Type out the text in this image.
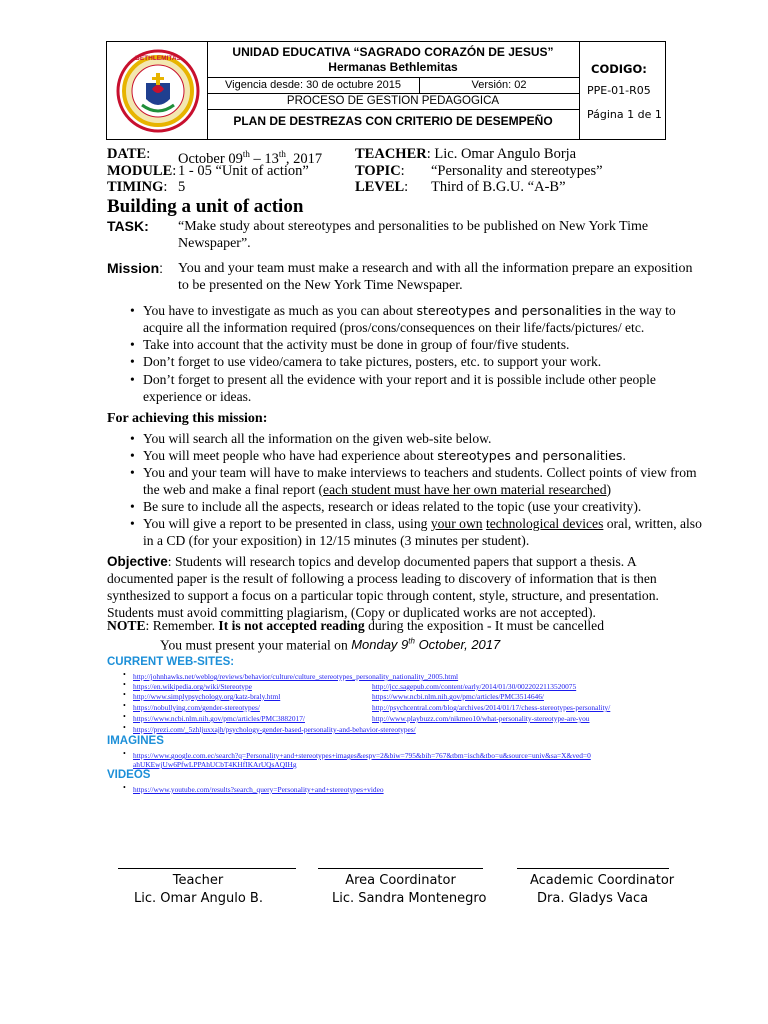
BETHLEMITAS	UNIDAD EDUCATIVA “SAGRADO CORAZÓN DE JESUS”
Hermanas Bethlemitas
Vigencia desde: 30 de octubre 2015	Versión: 02
PROCESO DE GESTION PEDAGOGICA
PLAN DE DESTREZAS CON CRITERIO DE DESEMPEÑO
CODIGO:
PPE-01-R05
Página 1 de 1
DATE: October 09th – 13th, 2017 TEACHER: Lic. Omar Angulo Borja
MODULE: 1 - 05 “Unit of action”	TOPIC: “Personality and stereotypes”
TIMING: 5	LEVEL: Third of B.G.U. “A-B”
Building a unit of action
TASK: “Make study about stereotypes and personalities to be published on New York Time
Newspaper”.
Mission: You and your team must make a research and with all the information prepare an exposition
to be presented on the New York Time Newspaper.
• You have to investigate as much as you can about stereotypes and personalities in the way to
acquire all the information required (pros/cons/consequences on their life/facts/pictures/ etc.
• Take into account that the activity must be done in group of four/five students.
• Don’t forget to use video/camera to take pictures, posters, etc. to support your work.
• Don’t forget to present all the evidence with your report and it is possible include other people
experience or ideas.
For achieving this mission:
• You will search all the information on the given web-site below.
• You will meet people who have had experience about stereotypes and personalities.
• You and your team will have to make interviews to teachers and students. Collect points of view from
the web and make a final report (each student must have her own material researched)
• Be sure to include all the aspects, research or ideas related to the topic (use your creativity).
• You will give a report to be presented in class, using your own technological devices oral, written, also
in a CD (for your exposition) in 12/15 minutes (3 minutes per student).
Objective: Students will research topics and develop documented papers that support a thesis. A
documented paper is the result of following a process leading to discovery of information that is then
synthesized to support a focus on a particular topic through content, style, structure, and presentation.
Students must avoid committing plagiarism, (Copy or duplicated works are not accepted).
NOTE: Remember. It is not accepted reading during the exposition - It must be cancelled
You must present your material on Monday 9th October, 2017
CURRENT WEB-SITES:
• http://johnhawks.net/weblog/reviews/behavior/culture/culture_stereotypes_personality_nationality_2005.html
• https://en.wikipedia.org/wiki/Stereotype	http://jcc.sagepub.com/content/early/2014/01/30/0022022113520075
• http://www.simplypsychology.org/katz-braly.html	https://www.ncbi.nlm.nih.gov/pmc/articles/PMC3514646/
• https://nobullying.com/gender-stereotypes/	http://psychcentral.com/blog/archives/2014/01/17/chess-stereotypes-personality/
• https://www.ncbi.nlm.nih.gov/pmc/articles/PMC3882017/	http://www.playbuzz.com/nikmeo10/what-personality-stereotype-are-you
• https://prezi.com/_5zhljuxxajh/psychology-gender-based-personality-and-behavior-stereotypes/
IMAGINES
• https://www.google.com.ec/search?q=Personality+and+stereotypes+images&espv=2&biw=795&bih=767&tbm=isch&tbo=u&source=univ&sa=X&ved=0
ahUKEwjUw6PfwLPPAhUCbT4KHfIKArUQsAQIHg
VIDEOS
• https://www.youtube.com/results?search_query=Personality+and+stereotypes+video
Teacher
Lic. Omar Angulo B.
Area Coordinator
Lic. Sandra Montenegro
Academic Coordinator
Dra. Gladys Vaca
